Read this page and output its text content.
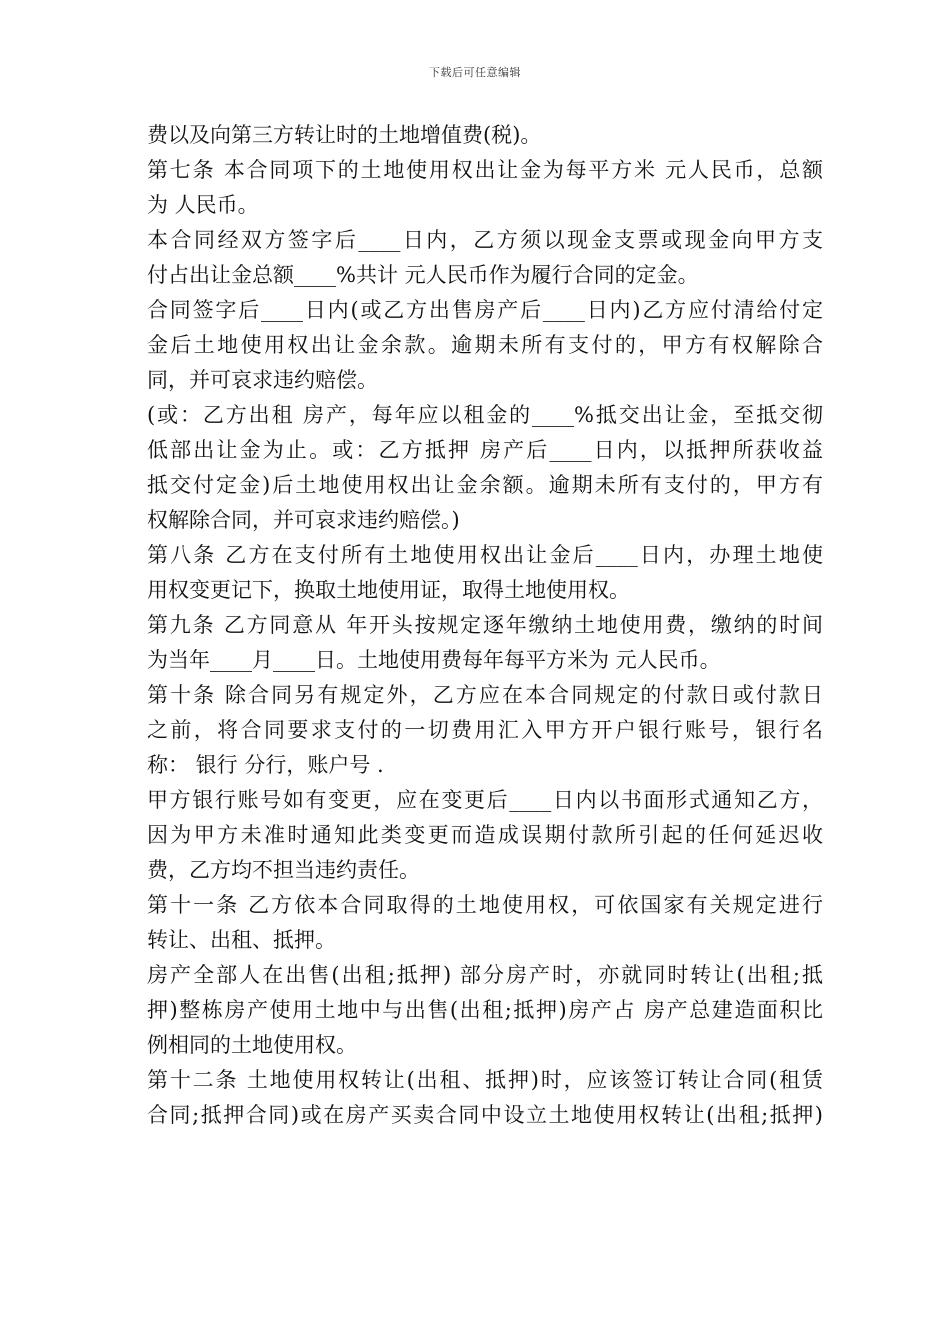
下载后可任意编辑
费以及向第三方转让时的土地增值费(税)。
第七条 本合同项下的土地使用权出让金为每平方米 元人民币，总额
为 人民币。
本合同经双方签字后____日内，乙方须以现金支票或现金向甲方支
付占出让金总额____%共计 元人民币作为履行合同的定金。
合同签字后____日内(或乙方出售房产后____日内)乙方应付清给付定
金后土地使用权出让金余款。逾期未所有支付的，甲方有权解除合
同，并可哀求违约赔偿。
(或：乙方出租 房产，每年应以租金的____%抵交出让金，至抵交彻
低部出让金为止。或：乙方抵押 房产后____日内，以抵押所获收益
抵交付定金)后土地使用权出让金余额。逾期未所有支付的，甲方有
权解除合同，并可哀求违约赔偿。)
第八条 乙方在支付所有土地使用权出让金后____日内，办理土地使
用权变更记下，换取土地使用证，取得土地使用权。
第九条 乙方同意从 年开头按规定逐年缴纳土地使用费，缴纳的时间
为当年____月____日。土地使用费每年每平方米为 元人民币。
第十条 除合同另有规定外，乙方应在本合同规定的付款日或付款日
之前，将合同要求支付的一切费用汇入甲方开户银行账号，银行名
称： 银行 分行，账户号 .
甲方银行账号如有变更，应在变更后____日内以书面形式通知乙方，
因为甲方未准时通知此类变更而造成误期付款所引起的任何延迟收
费，乙方均不担当违约责任。
第十一条 乙方依本合同取得的土地使用权，可依国家有关规定进行
转让、出租、抵押。
房产全部人在出售(出租;抵押) 部分房产时，亦就同时转让(出租;抵
押)整栋房产使用土地中与出售(出租;抵押)房产占 房产总建造面积比
例相同的土地使用权。
第十二条 土地使用权转让(出租、抵押)时，应该签订转让合同(租赁
合同;抵押合同)或在房产买卖合同中设立土地使用权转让(出租;抵押)
